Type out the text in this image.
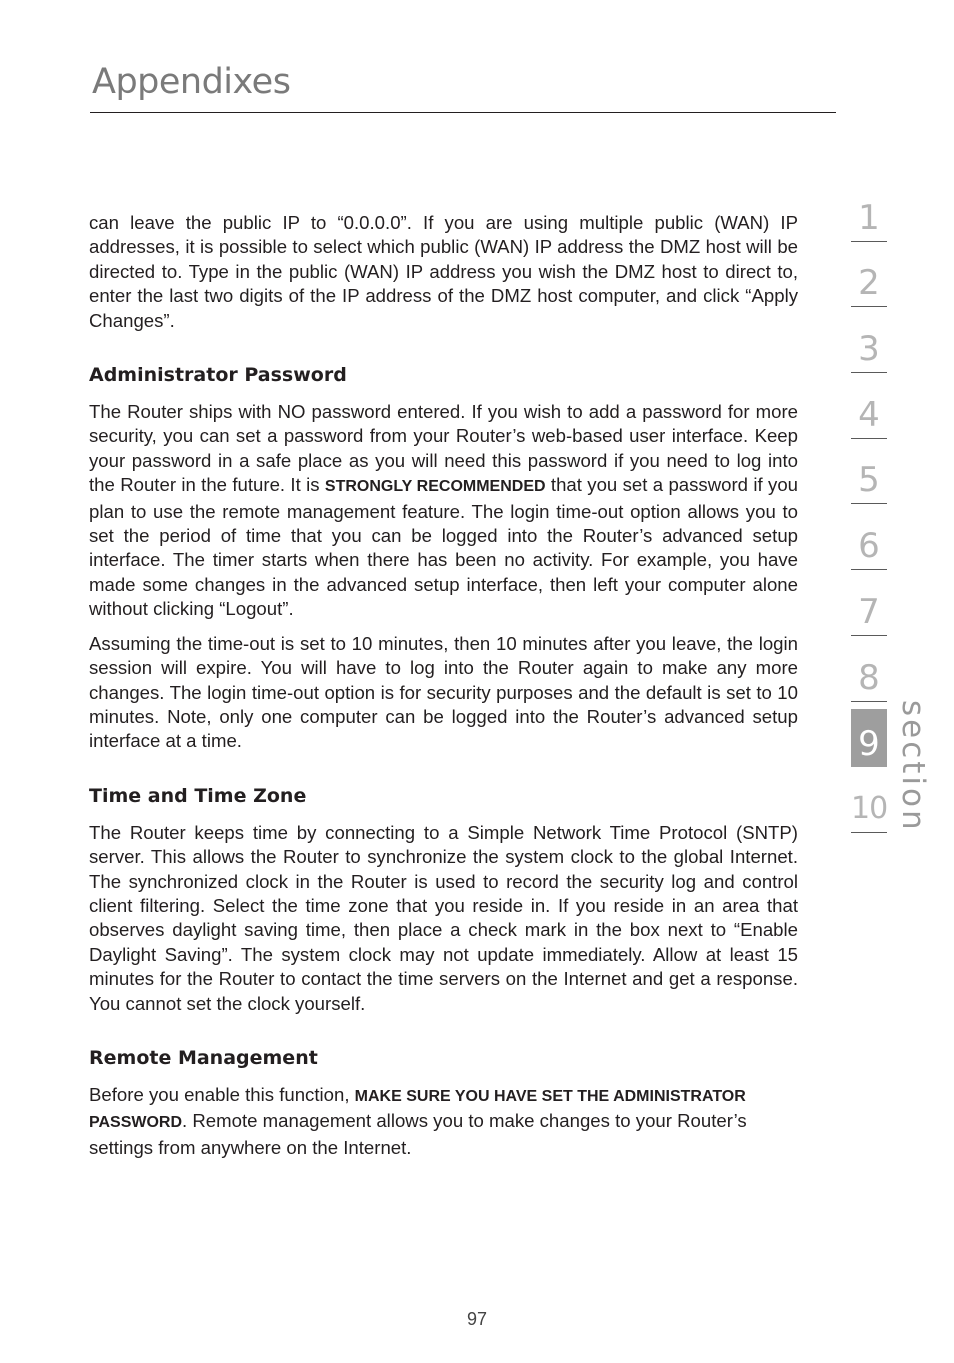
Appendixes

can leave the public IP to “0.0.0.0”. If you are using multiple public (WAN) IP addresses, it is possible to select which public (WAN) IP address the DMZ host will be directed to. Type in the public (WAN) IP address you wish the DMZ host to direct to, enter the last two digits of the IP address of the DMZ host computer, and click “Apply Changes”.

Administrator Password

The Router ships with NO password entered. If you wish to add a password for more security, you can set a password from your Router’s web-based user interface. Keep your password in a safe place as you will need this password if you need to log into the Router in the future. It is STRONGLY RECOMMENDED that you set a password if you plan to use the remote management feature. The login time-out option allows you to set the period of time that you can be logged into the Router’s advanced setup interface. The timer starts when there has been no activity. For example, you have made some changes in the advanced setup interface, then left your computer alone without clicking “Logout”.

Assuming the time-out is set to 10 minutes, then 10 minutes after you leave, the login session will expire. You will have to log into the Router again to make any more changes. The login time-out option is for security purposes and the default is set to 10 minutes. Note, only one computer can be logged into the Router’s advanced setup interface at a time.

Time and Time Zone

The Router keeps time by connecting to a Simple Network Time Protocol (SNTP) server. This allows the Router to synchronize the system clock to the global Internet. The synchronized clock in the Router is used to record the security log and control client filtering. Select the time zone that you reside in. If you reside in an area that observes daylight saving time, then place a check mark in the box next to “Enable Daylight Saving”. The system clock may not update immediately. Allow at least 15 minutes for the Router to contact the time servers on the Internet and get a response. You cannot set the clock yourself.

Remote Management

Before you enable this function, MAKE SURE YOU HAVE SET THE ADMINISTRATOR PASSWORD. Remote management allows you to make changes to your Router’s settings from anywhere on the Internet.

1
2
3
4
5
6
7
8
9
10 section
97
